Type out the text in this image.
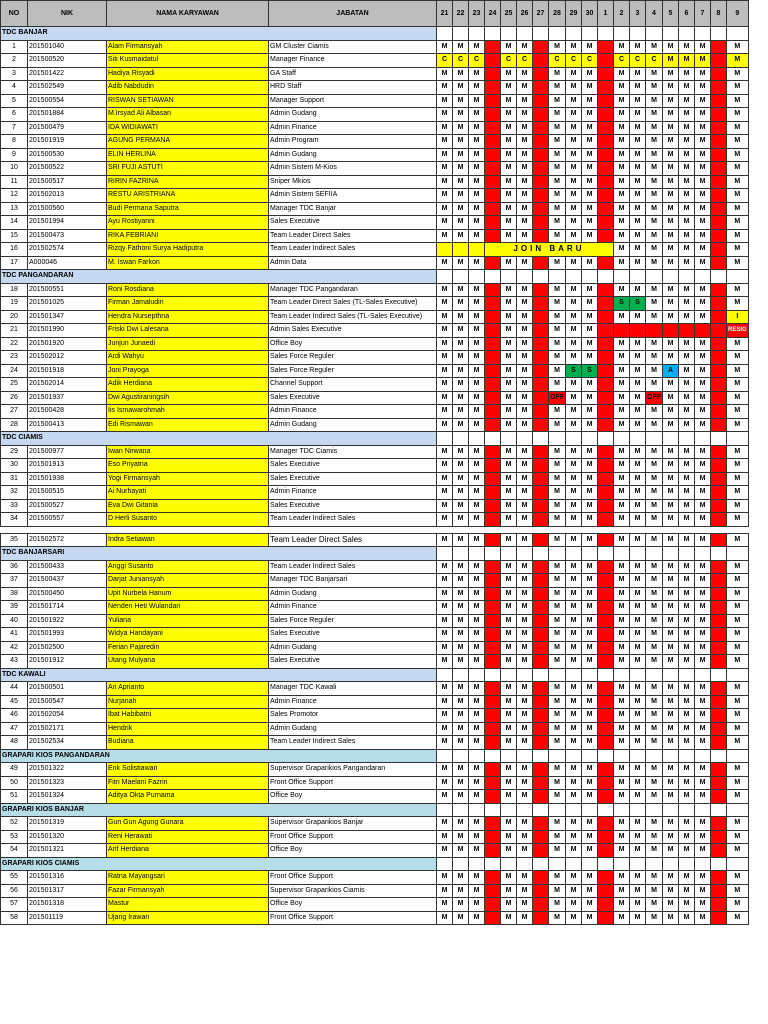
NO	NIK	NAMA KARYAWAN	JABATAN	21	22	23	24	25	26	27	28	29	30	1	2	3	4	5	6	7	8	9
TDC BANJAR																						
1	201501040	Alam Firmansyah	GM Cluster Ciamis	M	M	M		M	M		M	M	M		M	M	M	M	M	M		M
2	201500520	Siti Kusmaidatul	Manager Finance	C	C	C		C	C		C	C	C		C	C	C	M	M	M		M
3	201501422	Hadiya Risyadi	GA Staff	M	M	M		M	M		M	M	M		M	M	M	M	M	M		M
4	201502549	Adib Nabdudin	HRD Staff	M	M	M		M	M		M	M	M		M	M	M	M	M	M		M
5	201500554	RISWAN SETIAWAN	Manager Support	M	M	M		M	M		M	M	M		M	M	M	M	M	M		M
6	201501884	M.Irsyad Ali Albasan	Admin Gudang	M	M	M		M	M		M	M	M		M	M	M	M	M	M		M
7	201500479	IDA WIDIAWATI	Admin Finance	M	M	M		M	M		M	M	M		M	M	M	M	M	M		M
8	201501919	AGUNG PERMANA	Admin Program	M	M	M		M	M		M	M	M		M	M	M	M	M	M		M
9	201500530	ELIN HERLINA	Admin Gudang	M	M	M		M	M		M	M	M		M	M	M	M	M	M		M
10	201500522	SRI FUJI ASTUTI	Admin Sistem M-Kios	M	M	M		M	M		M	M	M		M	M	M	M	M	M		M
11	201500517	RIRIN FAZRINA	Sniper Mkios	M	M	M		M	M		M	M	M		M	M	M	M	M	M		M
12	201502013	RESTU ARISTRIANA	Admin Sistem SEFIIA	M	M	M		M	M		M	M	M		M	M	M	M	M	M		M
13	201500560	Budi Permana Saputra	Manager TDC Banjar	M	M	M		M	M		M	M	M		M	M	M	M	M	M		M
14	201501994	Ayu Rostiyanni	Sales Executive	M	M	M		M	M		M	M	M		M	M	M	M	M	M		M
15	201500473	RIKA FEBRIANI	Team Leader Direct Sales	M	M	M		M	M		M	M	M		M	M	M	M	M	M		M
16	201502574	Rizqy Fathoni Surya Hadiputra	Team Leader Indirect Sales				JOIN BARU								M	M	M	M	M	M		M
17	A000046	M. Iswan Farkon	Admin Data	M	M	M		M	M		M	M	M		M	M	M	M	M	M		M
TDC PANGANDARAN																						
18	201500551	Roni Rosdiana	Manager TDC Pangandaran	M	M	M		M	M		M	M	M		M	M	M	M	M	M		M
19	201501025	Firman Jamaludin	Team Leader Direct Sales (TL-Sales Executive)	M	M	M		M	M		M	M	M		S	S	M	M	M	M		M
20	201501347	Hendra Nursepthna	Team Leader Indirect Sales (TL-Sales Executive)	M	M	M		M	M		M	M	M		M	M	M	M	M	M		I
21	201501990	Friski Dwi Lalesana	Admin Sales Executive	M	M	M		M	M		M	M	M									RESIG
22	201501920	Junjun Junaedi	Office Boy	M	M	M		M	M		M	M	M		M	M	M	M	M	M		M
23	201502012	Ardi Wahyu	Sales Force Reguler	M	M	M		M	M		M	M	M		M	M	M	M	M	M		M
24	201501918	Joni Prayoga	Sales Force Reguler	M	M	M		M	M		M	S	S		M	M	M	A	M	M		M
25	201502014	Adik Herdiana	Channel Support	M	M	M		M	M		M	M	M		M	M	M	M	M	M		M
26	201501937	Dwi Agustiraningsih	Sales Executive	M	M	M		M	M		OFF	M	M		M	M	OFF	M	M	M		M
27	201500428	Iis Ismawarohmah	Admin Finance	M	M	M		M	M		M	M	M		M	M	M	M	M	M		M
28	201500413	Edi Rismawan	Admin Gudang	M	M	M		M	M		M	M	M		M	M	M	M	M	M		M
TDC CIAMIS																						
29	201500977	Iwan Nirwana	Manager TDC Ciamis	M	M	M		M	M		M	M	M		M	M	M	M	M	M		M
30	201501913	Eso Priyatna	Sales Executive	M	M	M		M	M		M	M	M		M	M	M	M	M	M		M
31	201501938	Yogi Firmansyah	Sales Executive	M	M	M		M	M		M	M	M		M	M	M	M	M	M		M
32	201500515	Ai Nurhayati	Admin Finance	M	M	M		M	M		M	M	M		M	M	M	M	M	M		M
33	201500527	Eva Dwi Gitania	Sales Executive	M	M	M		M	M		M	M	M		M	M	M	M	M	M		M
34	201500557	D Herli Susanto	Team Leader Indirect Sales	M	M	M		M	M		M	M	M		M	M	M	M	M	M		M

35	201502572	Indra Setiawan	Team Leader Direct Sales	M	M	M		M	M		M	M	M		M	M	M	M	M	M		M
TDC BANJARSARI																						
36	201500433	Anggi Susanto	Team Leader Indirect Sales	M	M	M		M	M		M	M	M		M	M	M	M	M	M		M
37	201500437	Darjat Juniansyah	Manager TDC Banjarsari	M	M	M		M	M		M	M	M		M	M	M	M	M	M		M
38	201500450	Upit Nurbela Hanum	Admin Gudang	M	M	M		M	M		M	M	M		M	M	M	M	M	M		M
39	201501714	Nenden Heti Wulandari	Admin Finance	M	M	M		M	M		M	M	M		M	M	M	M	M	M		M
40	201501922	Yuliana	Sales Force Reguler	M	M	M		M	M		M	M	M		M	M	M	M	M	M		M
41	201501993	Widya Handayani	Sales Executive	M	M	M		M	M		M	M	M		M	M	M	M	M	M		M
42	201502500	Ferian Pajaredin	Admin Gudang	M	M	M		M	M		M	M	M		M	M	M	M	M	M		M
43	201501912	Utang Mulyana	Sales Executive	M	M	M		M	M		M	M	M		M	M	M	M	M	M		M
TDC KAWALI																						
44	201500501	Ari Aprianto	Manager TDC Kawali	M	M	M		M	M		M	M	M		M	M	M	M	M	M		M
45	201500547	Nurjanah	Admin Finance	M	M	M		M	M		M	M	M		M	M	M	M	M	M		M
46	201502054	Ibat Habibatni	Sales Promotor	M	M	M		M	M		M	M	M		M	M	M	M	M	M		M
47	201502171	Hendrik	Admin Gudang	M	M	M		M	M		M	M	M		M	M	M	M	M	M		M
48	201502534	Budiana	Team Leader Indirect Sales	M	M	M		M	M		M	M	M		M	M	M	M	M	M		M
GRAPARI KIOS PANGANDARAN																						
49	201501322	Erik Solistiawan	Supervisor Graparikios Pangandaran	M	M	M		M	M		M	M	M		M	M	M	M	M	M		M
50	201501323	Fitri Maelani Fazrin	Front Office Support	M	M	M		M	M		M	M	M		M	M	M	M	M	M		M
51	201501324	Aditya Okta Purnama	Office Boy	M	M	M		M	M		M	M	M		M	M	M	M	M	M		M
GRAPARI KIOS BANJAR																						
52	201501319	Gun Gun Agung Gunara	Supervisor Graparikios Banjar	M	M	M		M	M		M	M	M		M	M	M	M	M	M		M
53	201501320	Reni Herawati	Front Office Support	M	M	M		M	M		M	M	M		M	M	M	M	M	M		M
54	201501321	Arif Herdiana	Office Boy	M	M	M		M	M		M	M	M		M	M	M	M	M	M		M
GRAPARI KIOS CIAMIS																						
55	201501316	Ratna Mayangsari	Front Office Support	M	M	M		M	M		M	M	M		M	M	M	M	M	M		M
56	201501317	Fazar Firmansyah	Supervisor Graparikios Ciamis	M	M	M		M	M		M	M	M		M	M	M	M	M	M		M
57	201501318	Mastur	Office Boy	M	M	M		M	M		M	M	M		M	M	M	M	M	M		M
58	201501119	Ujang Irawan	Front Office Support	M	M	M		M	M		M	M	M		M	M	M	M	M	M		M
